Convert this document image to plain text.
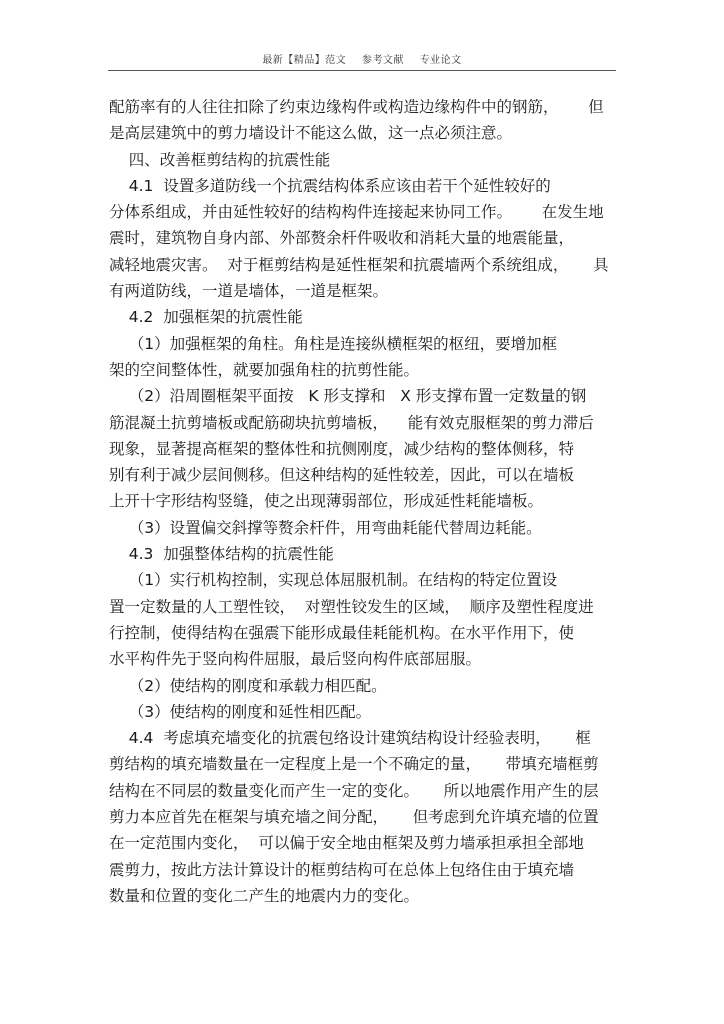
最新【精品】范文 参考文献 专业论文
配筋率有的人往往扣除了约束边缘构件或构造边缘构件中的钢筋，      但
是高层建筑中的剪力墙设计不能这么做，这一点必须注意。
四、改善框剪结构的抗震性能
4.1  设置多道防线一个抗震结构体系应该由若干个延性较好的
分体系组成，并由延性较好的结构构件连接起来协同工作。      在发生地
震时，建筑物自身内部、外部赘余杆件吸收和消耗大量的地震能量，
减轻地震灾害。  对于框剪结构是延性框架和抗震墙两个系统组成，     具
有两道防线，一道是墙体，一道是框架。
4.2  加强框架的抗震性能
（1）加强框架的角柱。角柱是连接纵横框架的枢纽，要增加框
架的空间整体性，就要加强角柱的抗剪性能。
（2）沿周圈框架平面按   K 形支撑和   X 形支撑布置一定数量的钢
筋混凝土抗剪墙板或配筋砌块抗剪墙板，    能有效克服框架的剪力滞后
现象，显著提高框架的整体性和抗侧刚度，减少结构的整体侧移，特
别有利于减少层间侧移。但这种结构的延性较差，因此，可以在墙板
上开十字形结构竖缝，使之出现薄弱部位，形成延性耗能墙板。
（3）设置偏交斜撑等赘余杆件，用弯曲耗能代替周边耗能。
4.3  加强整体结构的抗震性能
（1）实行机构控制，实现总体屈服机制。在结构的特定位置设
置一定数量的人工塑性铰，  对塑性铰发生的区域，  顺序及塑性程度进
行控制，使得结构在强震下能形成最佳耗能机构。在水平作用下，使
水平构件先于竖向构件屈服，最后竖向构件底部屈服。
（2）使结构的刚度和承载力相匹配。
（3）使结构的刚度和延性相匹配。
4.4  考虑填充墙变化的抗震包络设计建筑结构设计经验表明，     框
剪结构的填充墙数量在一定程度上是一个不确定的量，     带填充墙框剪
结构在不同层的数量变化而产生一定的变化。     所以地震作用产生的层
剪力本应首先在框架与填充墙之间分配，     但考虑到允许填充墙的位置
在一定范围内变化，  可以偏于安全地由框架及剪力墙承担承担全部地
震剪力，按此方法计算设计的框剪结构可在总体上包络住由于填充墙
数量和位置的变化二产生的地震内力的变化。
